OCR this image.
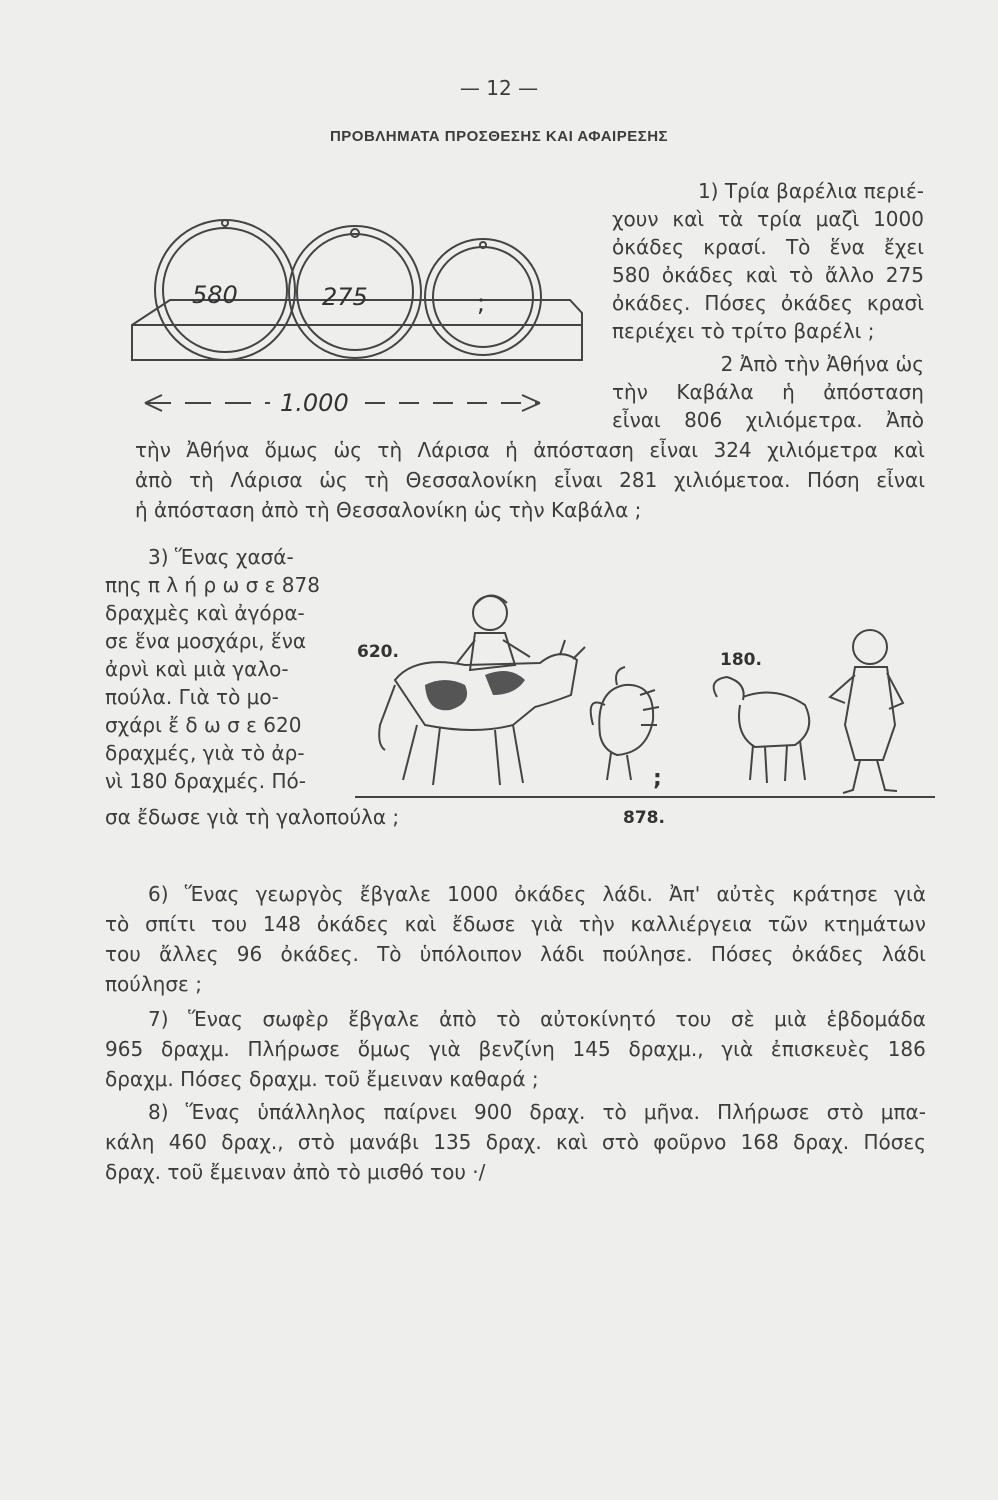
— 12 —
ΠΡΟΒΛΗΜΑΤΑ ΠΡΟΣΘΕΣΗΣ ΚΑΙ ΑΦΑΙΡΕΣΗΣ
580	275	;
1.000
1) Τρία βαρέλια περιέ-
χουν καὶ τὰ τρία μαζὶ 1000
ὀκάδες κρασί. Τὸ ἕνα ἔχει
580 ὀκάδες καὶ τὸ ἄλλο 275
ὀκάδες. Πόσες ὀκάδες κρασὶ
περιέχει τὸ τρίτο βαρέλι ;
2 Ἀπὸ τὴν Ἀθήνα ὡς
τὴν Καβάλα ἡ ἀπόσταση
εἶναι 806 χιλιόμετρα. Ἀπὸ
τὴν Ἀθήνα ὅμως ὡς τὴ Λάρισα ἡ ἀπόσταση εἶναι 324 χιλιόμετρα καὶ
ἀπὸ τὴ Λάρισα ὡς τὴ Θεσσαλονίκη εἶναι 281 χιλιόμετοα. Πόση εἶναι
ἡ ἀπόσταση ἀπὸ τὴ Θεσσαλονίκη ὡς τὴν Καβάλα ;
3) Ἕνας χασά-
πης π λ ή ρ ω σ ε 878
δραχμὲς καὶ ἀγόρα-
σε ἕνα μοσχάρι, ἕνα
ἀρνὶ καὶ μιὰ γαλο-
πούλα. Γιὰ τὸ μο-
σχάρι ἔ δ ω σ ε 620
δραχμές, γιὰ τὸ ἀρ-
νὶ 180 δραχμές. Πό-
σα ἔδωσε γιὰ τὴ γαλοπούλα ;
620.
;
180.
878.
6) Ἕνας γεωργὸς ἔβγαλε 1000 ὀκάδες λάδι. Ἀπ' αὐτὲς κράτησε γιὰ
τὸ σπίτι του 148 ὀκάδες καὶ ἔδωσε γιὰ τὴν καλλιέργεια τῶν κτημάτων
του ἄλλες 96 ὀκάδες. Τὸ ὑπόλοιπον λάδι πούλησε. Πόσες ὀκάδες λάδι
πούλησε ;
7) Ἕνας σωφὲρ ἔβγαλε ἀπὸ τὸ αὐτοκίνητό του σὲ μιὰ ἑβδομάδα
965 δραχμ. Πλήρωσε ὅμως γιὰ βενζίνη 145 δραχμ., γιὰ ἐπισκευὲς 186
δραχμ. Πόσες δραχμ. τοῦ ἔμειναν καθαρά ;
8) Ἕνας ὑπάλληλος παίρνει 900 δραχ. τὸ μῆνα. Πλήρωσε στὸ μπα-
κάλη 460 δραχ., στὸ μανάβι 135 δραχ. καὶ στὸ φοῦρνο 168 δραχ. Πόσες
δραχ. τοῦ ἔμειναν ἀπὸ τὸ μισθό του ·/
